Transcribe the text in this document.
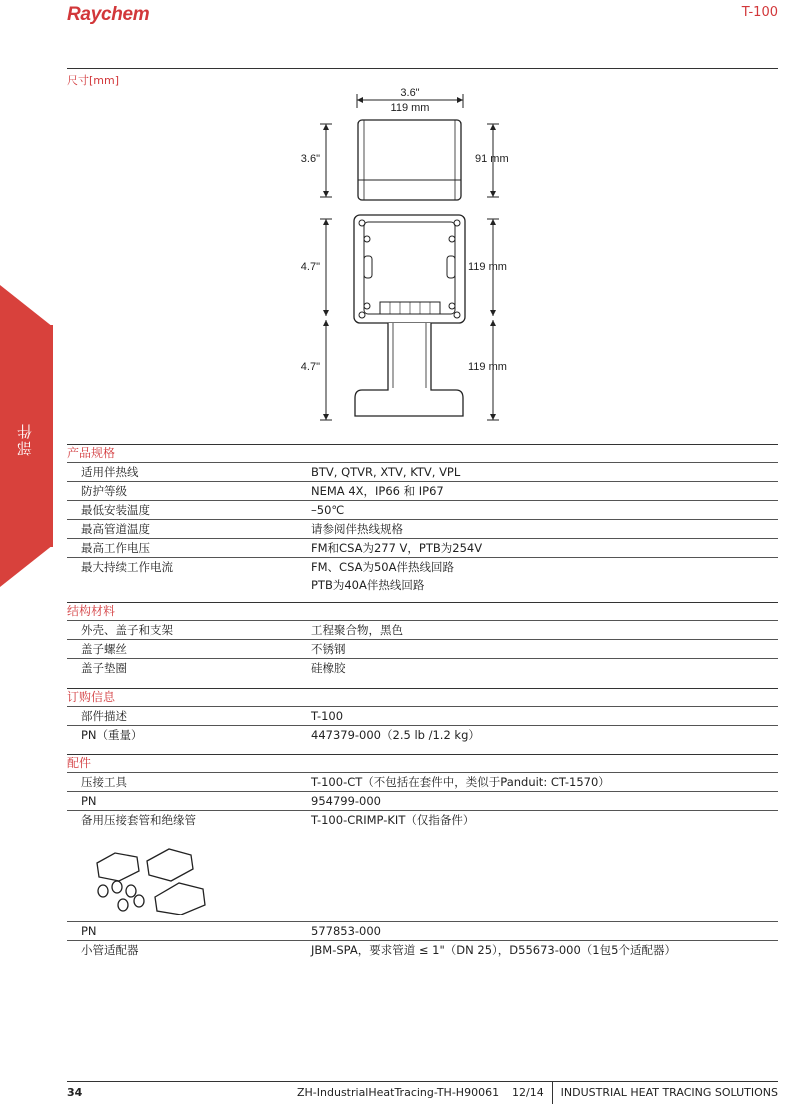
Raychem	T-100
部件
尺寸[mm]
3.6"
119 mm
3.6"	91 mm
4.7"	119 mm
4.7"	119 mm
产品规格
适用伴热线	BTV, QTVR, XTV, KTV, VPL
防护等级	NEMA 4X，IP66 和 IP67
最低安装温度	–50℃
最高管道温度	请参阅伴热线规格
最高工作电压	FM和CSA为277 V，PTB为254V
最大持续工作电流	FM、CSA为50A伴热线回路
PTB为40A伴热线回路
结构材料
外壳、盖子和支架	工程聚合物，黑色
盖子螺丝	不锈钢
盖子垫圈	硅橡胶
订购信息
部件描述	T-100
PN（重量）	447379-000（2.5 lb /1.2 kg）
配件
压接工具	T-100-CT（不包括在套件中，类似于Panduit: CT-1570）
PN	954799-000
备用压接套管和绝缘管	T-100-CRIMP-KIT（仅指备件）
PN	577853-000
小管适配器	JBM-SPA，要求管道 ≤ 1"（DN 25），D55673-000（1包5个适配器）
34	ZH-IndustrialHeatTracing-TH-H90061 12/14 INDUSTRIAL HEAT TRACING SOLUTIONS
